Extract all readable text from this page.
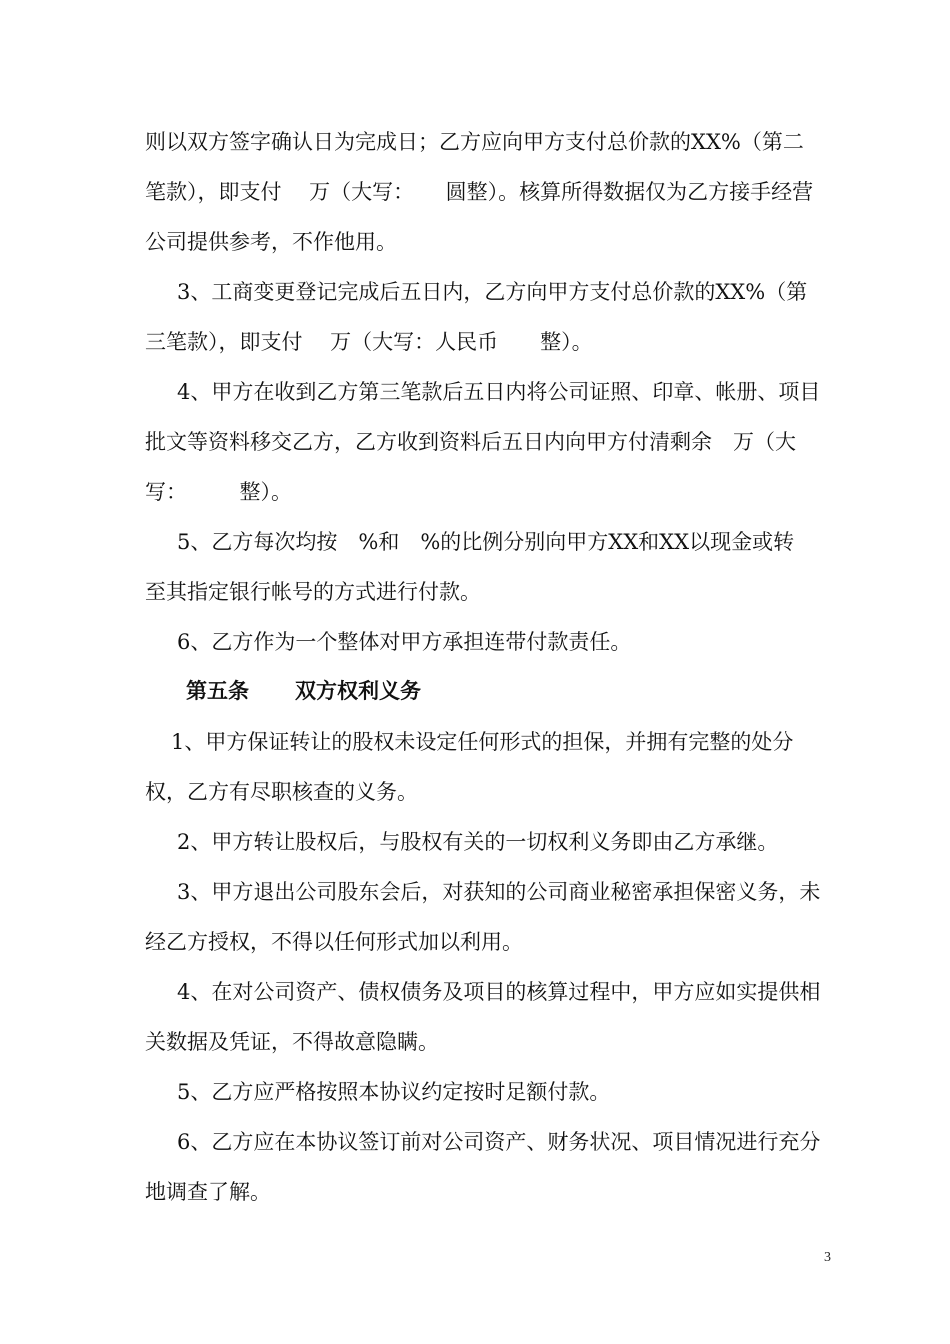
则以双方签字确认日为完成日；乙方应向甲方支付总价款的XX%（第二

笔款），即支付　 万（大写：　　圆整）。核算所得数据仅为乙方接手经营

公司提供参考，不作他用。

3、工商变更登记完成后五日内，乙方向甲方支付总价款的XX%（第

三笔款），即支付　 万（大写：人民币　　整）。

4、甲方在收到乙方第三笔款后五日内将公司证照、印章、帐册、项目

批文等资料移交乙方，乙方收到资料后五日内向甲方付清剩余　万（大

写：　　　整）。

5、乙方每次均按　%和　%的比例分别向甲方XX和XX以现金或转

至其指定银行帐号的方式进行付款。

6、乙方作为一个整体对甲方承担连带付款责任。

第五条 双方权利义务

1、甲方保证转让的股权未设定任何形式的担保，并拥有完整的处分

权，乙方有尽职核查的义务。

2、甲方转让股权后，与股权有关的一切权利义务即由乙方承继。

3、甲方退出公司股东会后，对获知的公司商业秘密承担保密义务，未

经乙方授权，不得以任何形式加以利用。

4、在对公司资产、债权债务及项目的核算过程中，甲方应如实提供相

关数据及凭证，不得故意隐瞒。

5、乙方应严格按照本协议约定按时足额付款。

6、乙方应在本协议签订前对公司资产、财务状况、项目情况进行充分

地调查了解。

3
